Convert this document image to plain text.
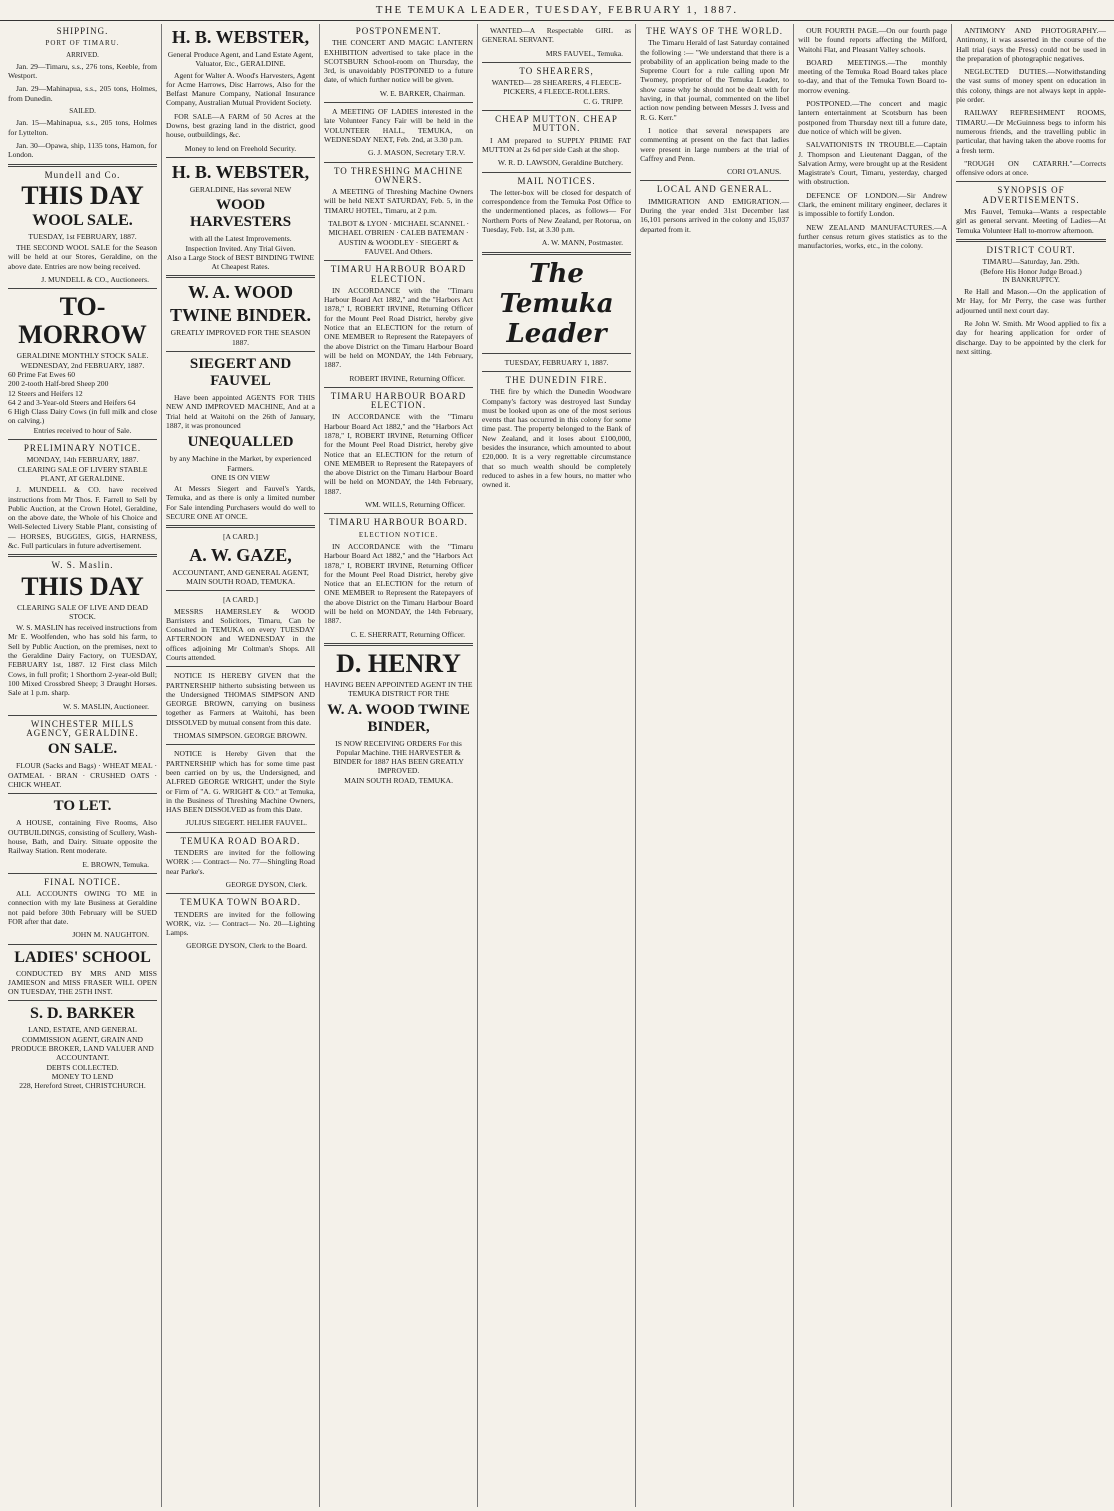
THE TEMUKA LEADER, TUESDAY, FEBRUARY 1, 1887.
SHIPPING.
PORT OF TIMARU.
ARRIVED.
Jan. 29—Timaru, s.s., 276 tons, Keeble, from Westport.
Jan. 29—Mahinapua, s.s., 205 tons, Holmes, from Dunedin.
SAILED.
Jan. 15—Mahinapua, s.s., 205 tons, Holmes for Lyttelton.
Jan. 30—Opawa, ship, 1135 tons, Hamon, for London.
Mundell and Co.
THIS DAY
WOOL SALE.
TUESDAY, 1st FEBRUARY, 1887.
THE SECOND WOOL SALE for the Season will be held at our Stores, Geraldine, on the above date. Entries are now being received.
J. MUNDELL & CO., Auctioneers.
TO-MORROW
GERALDINE MONTHLY STOCK SALE.
WEDNESDAY, 2nd FEBRUARY, 1887.
60 Prime Fat Ewes 60
200 2-tooth Half-bred Sheep 200
12 Steers and Heifers 12
64 2 and 3-Year-old Steers and Heifers 64
6 High Class Dairy Cows (in full milk and close on calving.)
Entries received to hour of Sale.
PRELIMINARY NOTICE.
MONDAY, 14th FEBRUARY, 1887.
CLEARING SALE OF LIVERY STABLE PLANT, AT GERALDINE.
J. MUNDELL & CO. have received instructions from Mr Thos. F. Farrell to Sell by Public Auction, at the Crown Hotel, Geraldine, on the above date, the Whole of his Choice and Well-Selected Livery Stable Plant, consisting of— HORSES, BUGGIES, GIGS, HARNESS, &c. Full particulars in future advertisement.
W. S. Maslin.
THIS DAY
CLEARING SALE OF LIVE AND DEAD STOCK.
W. S. MASLIN has received instructions from Mr E. Woolfenden, who has sold his farm, to Sell by Public Auction, on the premises, next to the Geraldine Dairy Factory, on TUESDAY, FEBRUARY 1st, 1887. 12 First class Milch Cows, in full profit; 1 Shorthorn 2-year-old Bull; 100 Mixed Crossbred Sheep; 3 Draught Horses. Sale at 1 p.m. sharp.
W. S. MASLIN, Auctioneer.
WINCHESTER MILLS AGENCY, GERALDINE.
ON SALE.
FLOUR (Sacks and Bags) · WHEAT MEAL · OATMEAL · BRAN · CRUSHED OATS · CHICK WHEAT.
TO LET.
A HOUSE, containing Five Rooms, Also OUTBUILDINGS, consisting of Scullery, Wash-house, Bath, and Dairy. Situate opposite the Railway Station. Rent moderate.
E. BROWN, Temuka.
FINAL NOTICE.
ALL ACCOUNTS OWING TO ME in connection with my late Business at Geraldine not paid before 30th February will be SUED FOR after that date.
JOHN M. NAUGHTON.
LADIES' SCHOOL
CONDUCTED BY MRS AND MISS JAMIESON and MISS FRASER WILL OPEN ON TUESDAY, THE 25TH INST.
S. D. BARKER
LAND, ESTATE, AND GENERAL COMMISSION AGENT, GRAIN AND PRODUCE BROKER, LAND VALUER AND ACCOUNTANT.
DEBTS COLLECTED.
MONEY TO LEND
228, Hereford Street, CHRISTCHURCH.
H. B. WEBSTER,
General Produce Agent, and Land Estate Agent, Valuator, Etc., GERALDINE.
Agent for Walter A. Wood's Harvesters, Agent for Acme Harrows, Disc Harrows, Also for the Belfast Manure Company, National Insurance Company, Australian Mutual Provident Society.
FOR SALE—A FARM of 50 Acres at the Downs, best grazing land in the district, good house, outbuildings, &c.
Money to lend on Freehold Security.
H. B. WEBSTER,
GERALDINE, Has several NEW
WOOD HARVESTERS
with all the Latest Improvements.
Inspection Invited. Any Trial Given.
Also a Large Stock of BEST BINDING TWINE At Cheapest Rates.
W. A. WOOD
TWINE BINDER.
GREATLY IMPROVED FOR THE SEASON 1887.
SIEGERT AND FAUVEL
Have been appointed AGENTS FOR THIS NEW AND IMPROVED MACHINE, And at a Trial held at Waitohi on the 26th of January, 1887, it was pronounced
UNEQUALLED
by any Machine in the Market, by experienced Farmers.
ONE IS ON VIEW
At Messrs Siegert and Fauvel's Yards, Temuka, and as there is only a limited number For Sale intending Purchasers would do well to SECURE ONE AT ONCE.
[A CARD.]
A. W. GAZE,
ACCOUNTANT, AND GENERAL AGENT,
MAIN SOUTH ROAD, TEMUKA.
[A CARD.]
MESSRS HAMERSLEY & WOOD Barristers and Solicitors, Timaru, Can be Consulted in TEMUKA on every TUESDAY AFTERNOON and WEDNESDAY in the offices adjoining Mr Coltman's Shops. All Courts attended.
NOTICE IS HEREBY GIVEN that the PARTNERSHIP hitherto subsisting between us the Undersigned THOMAS SIMPSON AND GEORGE BROWN, carrying on business together as Farmers at Waitohi, has been DISSOLVED by mutual consent from this date.
THOMAS SIMPSON. GEORGE BROWN.
NOTICE is Hereby Given that the PARTNERSHIP which has for some time past been carried on by us, the Undersigned, and ALFRED GEORGE WRIGHT, under the Style or Firm of "A. G. WRIGHT & CO." at Temuka, in the Business of Threshing Machine Owners, HAS BEEN DISSOLVED as from this Date.
JULIUS SIEGERT. HELIER FAUVEL.
TEMUKA ROAD BOARD.
TENDERS are invited for the following WORK :— Contract— No. 77—Shingling Road near Parke's.
GEORGE DYSON, Clerk.
TEMUKA TOWN BOARD.
TENDERS are invited for the following WORK, viz. :— Contract— No. 20—Lighting Lamps.
GEORGE DYSON, Clerk to the Board.
POSTPONEMENT.
THE CONCERT AND MAGIC LANTERN EXHIBITION advertised to take place in the SCOTSBURN School-room on Thursday, the 3rd, is unavoidably POSTPONED to a future date, of which further notice will be given.
W. E. BARKER, Chairman.
A MEETING OF LADIES interested in the late Volunteer Fancy Fair will be held in the VOLUNTEER HALL, TEMUKA, on WEDNESDAY NEXT, Feb. 2nd, at 3.30 p.m.
G. J. MASON, Secretary T.R.V.
TO THRESHING MACHINE OWNERS.
A MEETING of Threshing Machine Owners will be held NEXT SATURDAY, Feb. 5, in the TIMARU HOTEL, Timaru, at 2 p.m.
TALBOT & LYON · MICHAEL SCANNEL · MICHAEL O'BRIEN · CALEB BATEMAN · AUSTIN & WOODLEY · SIEGERT & FAUVEL And Others.
TIMARU HARBOUR BOARD ELECTION.
IN ACCORDANCE with the "Timaru Harbour Board Act 1882," and the "Harbors Act 1878," I, ROBERT IRVINE, Returning Officer for the Mount Peel Road District, hereby give Notice that an ELECTION for the return of ONE MEMBER to Represent the Ratepayers of the above District on the Timaru Harbour Board will be held on MONDAY, the 14th February, 1887.
ROBERT IRVINE, Returning Officer.
TIMARU HARBOUR BOARD ELECTION.
IN ACCORDANCE with the "Timaru Harbour Board Act 1882," and the "Harbors Act 1878," I, ROBERT IRVINE, Returning Officer for the Mount Peel Road District, hereby give Notice that an ELECTION for the return of ONE MEMBER to Represent the Ratepayers of the above District on the Timaru Harbour Board will be held on MONDAY, the 14th February, 1887.
WM. WILLS, Returning Officer.
TIMARU HARBOUR BOARD.
ELECTION NOTICE.
IN ACCORDANCE with the "Timaru Harbour Board Act 1882," and the "Harbors Act 1878," I, ROBERT IRVINE, Returning Officer for the Mount Peel Road District, hereby give Notice that an ELECTION for the return of ONE MEMBER to Represent the Ratepayers of the above District on the Timaru Harbour Board will be held on MONDAY, the 14th February, 1887.
C. E. SHERRATT, Returning Officer.
D. HENRY
HAVING BEEN APPOINTED AGENT IN THE TEMUKA DISTRICT FOR THE
W. A. WOOD TWINE BINDER,
IS NOW RECEIVING ORDERS For this Popular Machine. THE HARVESTER & BINDER for 1887 HAS BEEN GREATLY IMPROVED.
MAIN SOUTH ROAD, TEMUKA.
WANTED—A Respectable GIRL as GENERAL SERVANT.
MRS FAUVEL, Temuka.
TO SHEARERS,
WANTED— 28 SHEARERS, 4 FLEECE-PICKERS, 4 FLEECE-ROLLERS.
C. G. TRIPP.
CHEAP MUTTON. CHEAP MUTTON.
I AM prepared to SUPPLY PRIME FAT MUTTON at 2s 6d per side Cash at the shop.
W. R. D. LAWSON, Geraldine Butchery.
MAIL NOTICES.
The letter-box will be closed for despatch of correspondence from the Temuka Post Office to the undermentioned places, as follows— For Northern Ports of New Zealand, per Rotorua, on Tuesday, Feb. 1st, at 3.30 p.m.
A. W. MANN, Postmaster.
The Temuka Leader
TUESDAY, FEBRUARY 1, 1887.
THE DUNEDIN FIRE.
THE fire by which the Dunedin Woodware Company's factory was destroyed last Sunday must be looked upon as one of the most serious events that has occurred in this colony for some time past. The property belonged to the Bank of New Zealand, and it loses about £100,000, besides the insurance, which amounted to about £20,000. It is a very regrettable circumstance that so much wealth should be completely reduced to ashes in a few hours, no matter who owned it.
THE WAYS OF THE WORLD.
The Timaru Herald of last Saturday contained the following :— "We understand that there is a probability of an application being made to the Supreme Court for a rule calling upon Mr Twomey, proprietor of the Temuka Leader, to show cause why he should not be dealt with for having, in that journal, commented on the libel action now pending between Messrs J. Ivess and R. G. Kerr."
I notice that several newspapers are commenting at present on the fact that ladies were present in large numbers at the trial of Caffrey and Penn.
CORI O'LANUS.
LOCAL AND GENERAL.
IMMIGRATION AND EMIGRATION.—During the year ended 31st December last 16,101 persons arrived in the colony and 15,037 departed from it.
OUR FOURTH PAGE.—On our fourth page will be found reports affecting the Milford, Waitohi Flat, and Pleasant Valley schools.
BOARD MEETINGS.—The monthly meeting of the Temuka Road Board takes place to-day, and that of the Temuka Town Board to-morrow evening.
POSTPONED.—The concert and magic lantern entertainment at Scotsburn has been postponed from Thursday next till a future date, due notice of which will be given.
SALVATIONISTS IN TROUBLE.—Captain J. Thompson and Lieutenant Daggan, of the Salvation Army, were brought up at the Resident Magistrate's Court, Timaru, yesterday, charged with obstruction.
DEFENCE OF LONDON.—Sir Andrew Clark, the eminent military engineer, declares it is impossible to fortify London.
NEW ZEALAND MANUFACTURES.—A further census return gives statistics as to the manufactories, works, etc., in the colony.
ANTIMONY AND PHOTOGRAPHY.—Antimony, it was asserted in the course of the Hall trial (says the Press) could not be used in the preparation of photographic negatives.
NEGLECTED DUTIES.—Notwithstanding the vast sums of money spent on education in this colony, things are not always kept in apple-pie order.
RAILWAY REFRESHMENT ROOMS, TIMARU.—Dr McGuinness begs to inform his numerous friends, and the travelling public in particular, that having taken the above rooms for a fresh term.
"ROUGH ON CATARRH."—Corrects offensive odors at once.
SYNOPSIS OF ADVERTISEMENTS.
Mrs Fauvel, Temuka—Wants a respectable girl as general servant. Meeting of Ladies—At Temuka Volunteer Hall to-morrow afternoon.
DISTRICT COURT.
TIMARU—Saturday, Jan. 29th.
(Before His Honor Judge Broad.)
IN BANKRUPTCY.
Re Hall and Mason.—On the application of Mr Hay, for Mr Perry, the case was further adjourned until next court day.
Re John W. Smith. Mr Wood applied to fix a day for hearing application for order of discharge. Day to be appointed by the clerk for next sitting.
